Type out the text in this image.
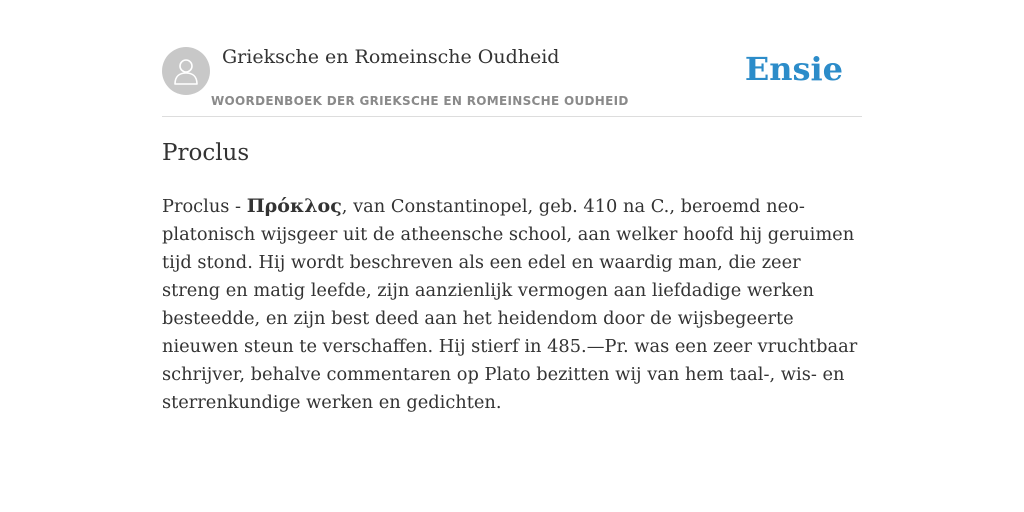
Grieksche en Romeinsche Oudheid
WOORDENBOEK DER GRIEKSCHE EN ROMEINSCHE OUDHEID
Ensie
Proclus

Proclus - Πρόκλος, van Constantinopel, geb. 410 na C., beroemd neo-platonisch wijsgeer uit de atheensche school, aan welker hoofd hij geruimen tijd stond. Hij wordt beschreven als een edel en waardig man, die zeer streng en matig leefde, zijn aanzienlijk vermogen aan liefdadige werken besteedde, en zijn best deed aan het heidendom door de wijsbegeerte nieuwen steun te verschaffen. Hij stierf in 485.—Pr. was een zeer vruchtbaar schrijver, behalve commentaren op Plato bezitten wij van hem taal-, wis- en sterrenkundige werken en gedichten.
